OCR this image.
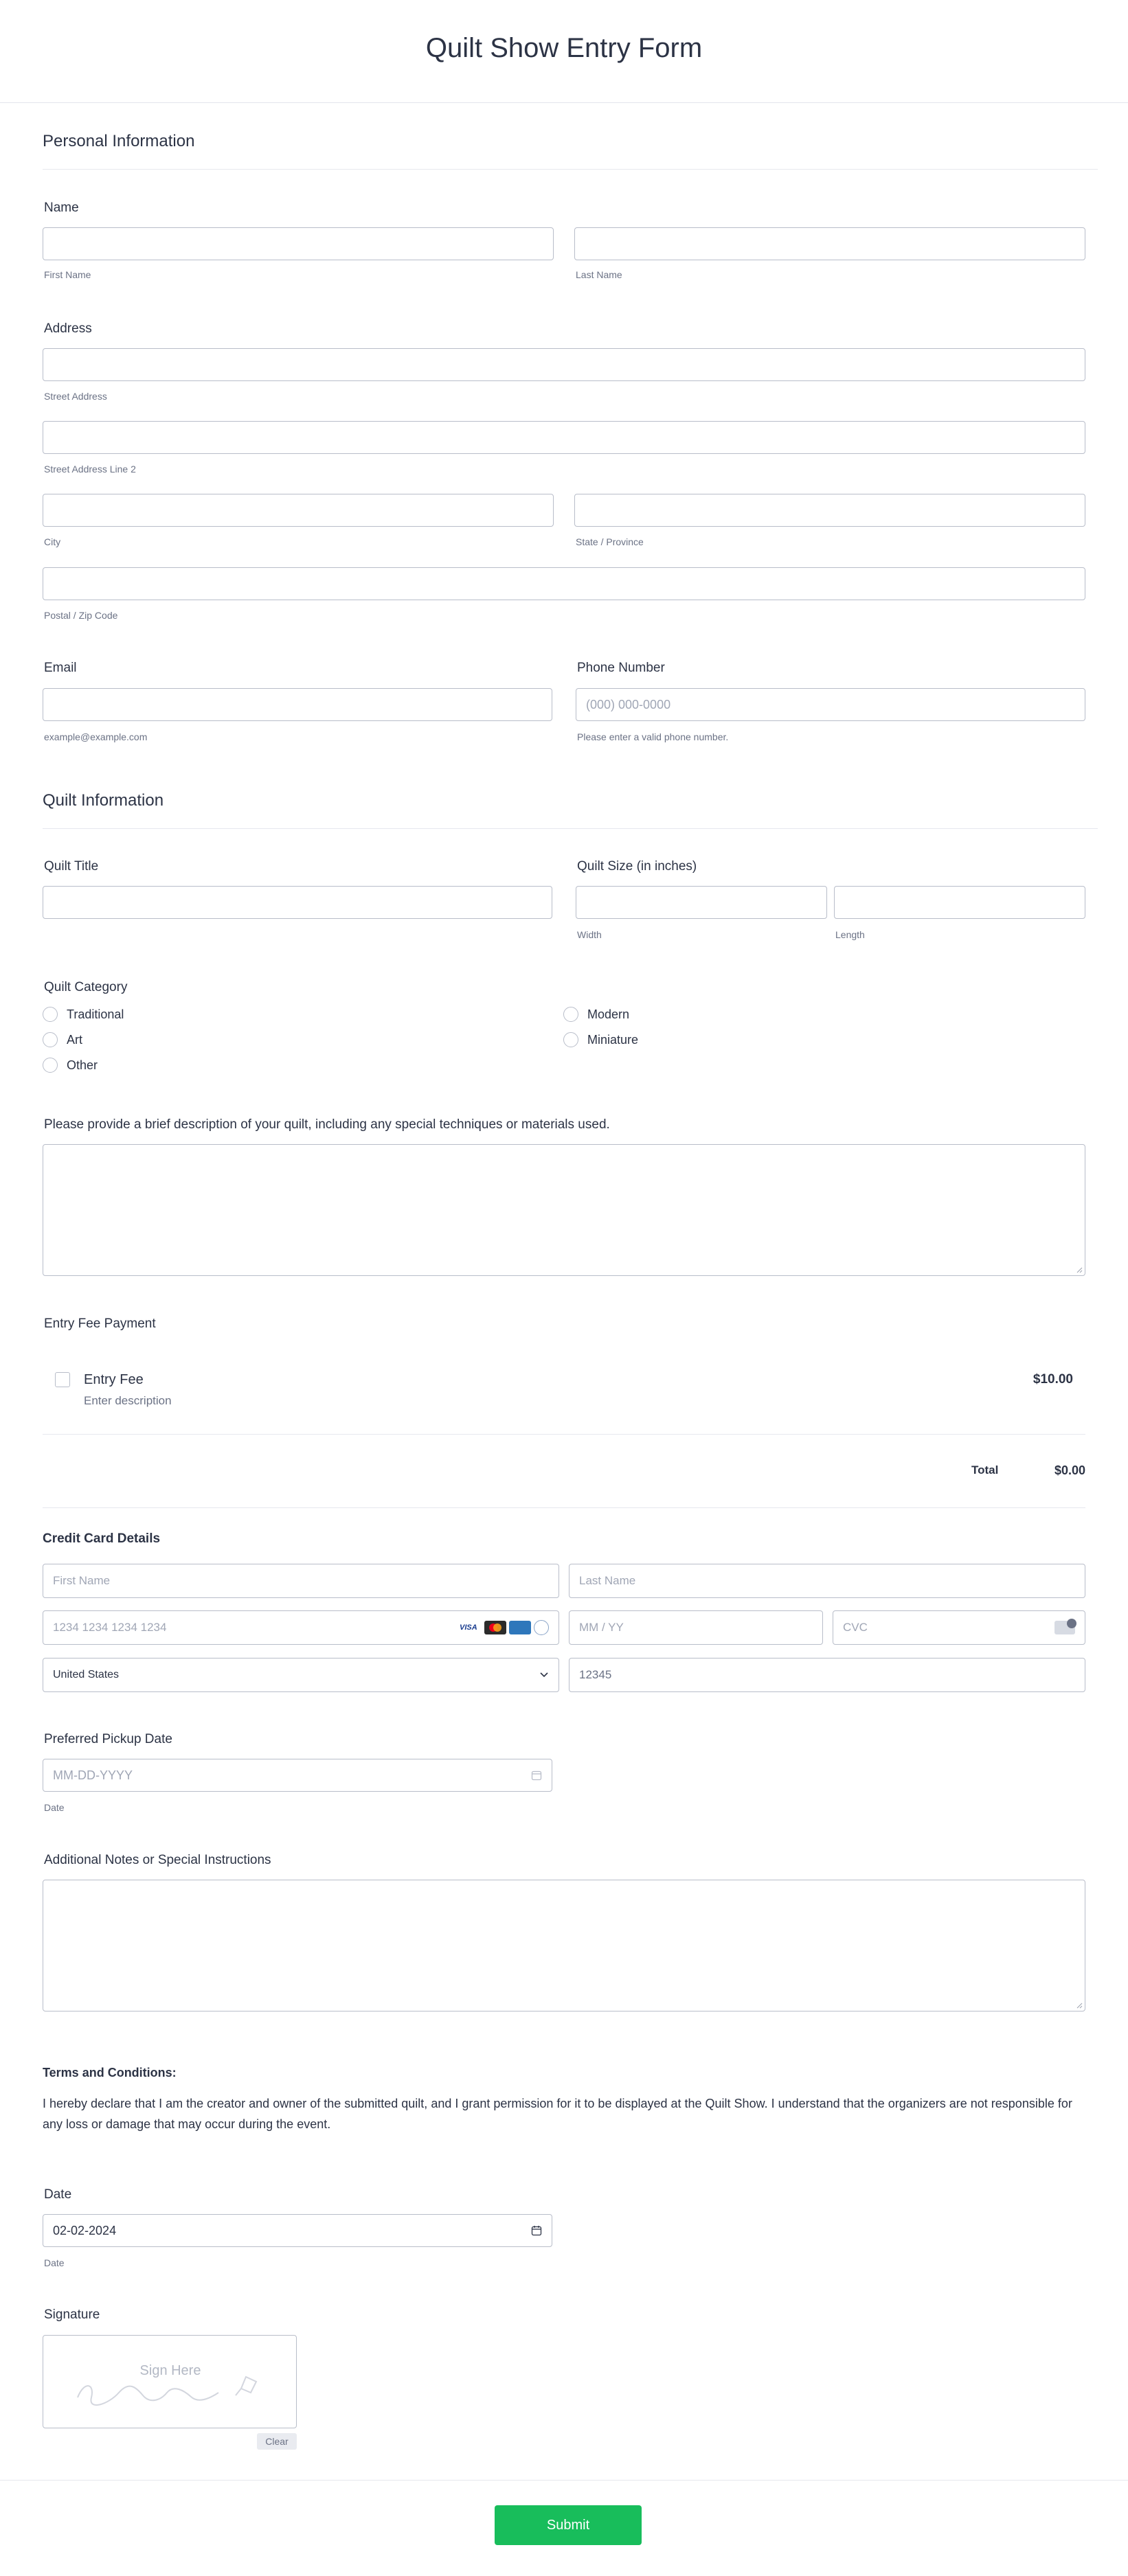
Quilt Show Entry Form
Personal Information
Name
First Name	Last Name
Address
Street Address
Street Address Line 2
City	State / Province
Postal / Zip Code
Email
example@example.com
Phone Number
(000) 000-0000
Please enter a valid phone number.
Quilt Information
Quilt Title	Quilt Size (in inches)
Width	Length
Quilt Category
Traditional	Modern
Art	Miniature
Other
Please provide a brief description of your quilt, including any special techniques or materials used.
Entry Fee Payment
Entry Fee
Enter description
$10.00
Total	$0.00
Credit Card Details
First Name	Last Name
1234 1234 1234 1234	VISA	MM / YY	CVC
United States	12345
Preferred Pickup Date
MM-DD-YYYY
Date
Additional Notes or Special Instructions
Terms and Conditions:
I hereby declare that I am the creator and owner of the submitted quilt, and I grant permission for it to be displayed at the Quilt Show. I understand that the organizers are not responsible for any loss or damage that may occur during the event.
Date
02-02-2024
Date
Signature
Sign Here
Clear
Submit
